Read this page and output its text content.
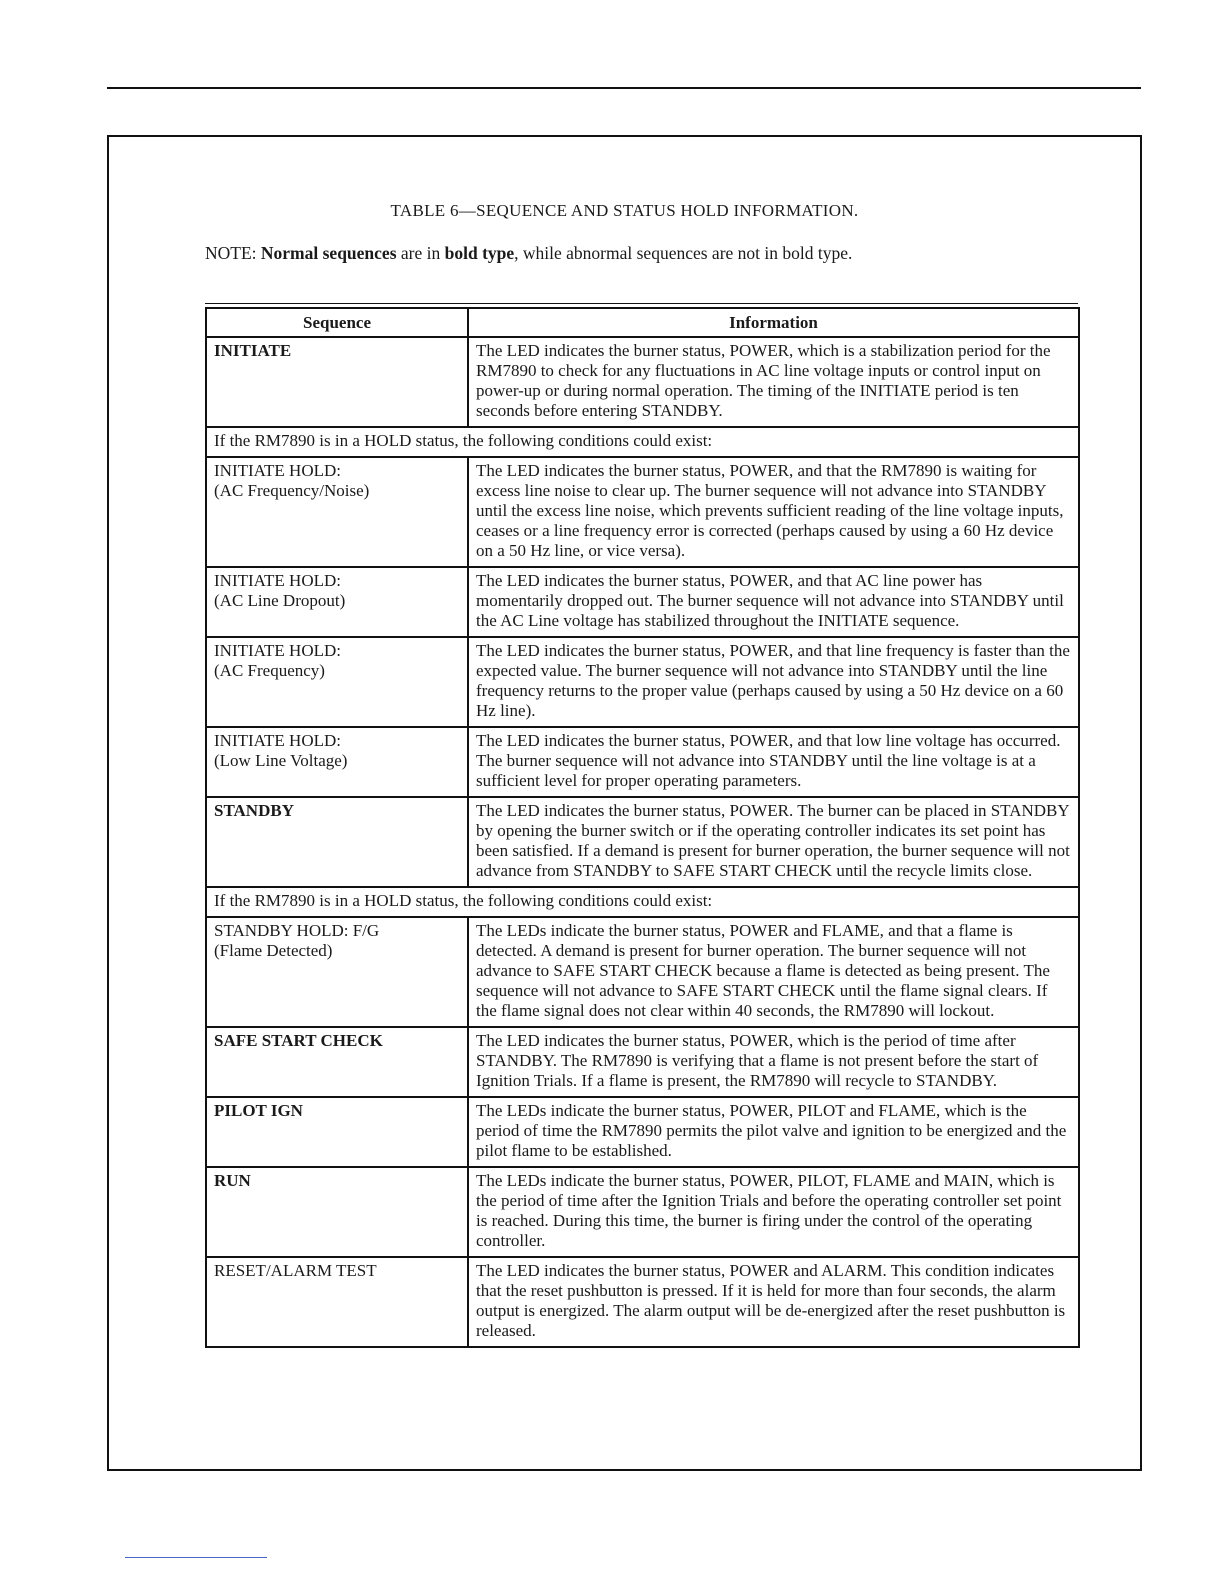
TABLE 6—SEQUENCE AND STATUS HOLD INFORMATION.
NOTE: Normal sequences are in bold type, while abnormal sequences are not in bold type.
Sequence	Information
INITIATE	The LED indicates the burner status, POWER, which is a stabilization period for the RM7890 to check for any fluctuations in AC line voltage inputs or control input on power-up or during normal operation. The timing of the INITIATE period is ten seconds before entering STANDBY.
If the RM7890 is in a HOLD status, the following conditions could exist:	

INITIATE HOLD:
(AC Frequency/Noise)	The LED indicates the burner status, POWER, and that the RM7890 is waiting for excess line noise to clear up. The burner sequence will not advance into STANDBY until the excess line noise, which prevents sufficient reading of the line voltage inputs, ceases or a line frequency error is corrected (perhaps caused by using a 60 Hz device on a 50 Hz line, or vice versa).

INITIATE HOLD:
(AC Line Dropout)	The LED indicates the burner status, POWER, and that AC line power has momentarily dropped out. The burner sequence will not advance into STANDBY until the AC Line voltage has stabilized throughout the INITIATE sequence.

INITIATE HOLD:
(AC Frequency)	The LED indicates the burner status, POWER, and that line frequency is faster than the expected value. The burner sequence will not advance into STANDBY until the line frequency returns to the proper value (perhaps caused by using a 50 Hz device on a 60 Hz line).

INITIATE HOLD:
(Low Line Voltage)	The LED indicates the burner status, POWER, and that low line voltage has occurred. The burner sequence will not advance into STANDBY until the line voltage is at a sufficient level for proper operating parameters.
STANDBY	The LED indicates the burner status, POWER. The burner can be placed in STANDBY by opening the burner switch or if the operating controller indicates its set point has been satisfied. If a demand is present for burner operation, the burner sequence will not advance from STANDBY to SAFE START CHECK until the recycle limits close.
If the RM7890 is in a HOLD status, the following conditions could exist:	

STANDBY HOLD: F/G
(Flame Detected)	The LEDs indicate the burner status, POWER and FLAME, and that a flame is detected. A demand is present for burner operation. The burner sequence will not advance to SAFE START CHECK because a flame is detected as being present. The sequence will not advance to SAFE START CHECK until the flame signal clears. If the flame signal does not clear within 40 seconds, the RM7890 will lockout.
SAFE START CHECK	The LED indicates the burner status, POWER, which is the period of time after STANDBY. The RM7890 is verifying that a flame is not present before the start of Ignition Trials. If a flame is present, the RM7890 will recycle to STANDBY.
PILOT IGN	The LEDs indicate the burner status, POWER, PILOT and FLAME, which is the period of time the RM7890 permits the pilot valve and ignition to be energized and the pilot flame to be established.
RUN	The LEDs indicate the burner status, POWER, PILOT, FLAME and MAIN, which is the period of time after the Ignition Trials and before the operating controller set point is reached. During this time, the burner is firing under the control of the operating controller.
RESET/ALARM TEST	The LED indicates the burner status, POWER and ALARM. This condition indicates that the reset pushbutton is pressed. If it is held for more than four seconds, the alarm output is energized. The alarm output will be de-energized after the reset pushbutton is released.
